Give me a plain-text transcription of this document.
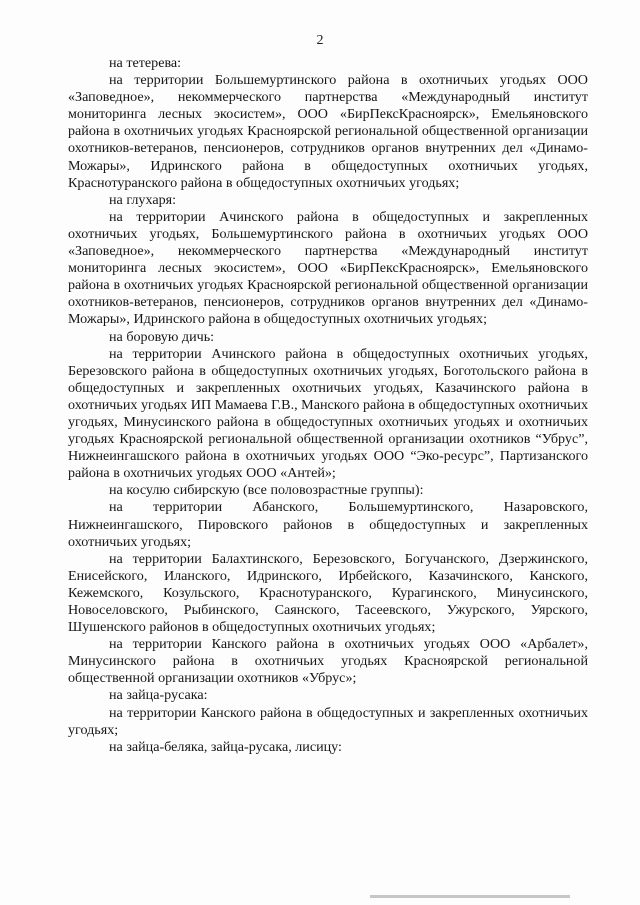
2

на тетерева:

на территории Большемуртинского района в охотничьих угодьях ООО «Заповедное», некоммерческого партнерства «Международный институт мониторинга лесных экосистем», ООО «БирПексКрасноярск», Емельяновского района в охотничьих угодьях Красноярской региональной общественной организации охотников-ветеранов, пенсионеров, сотрудников органов внутренних дел «Динамо-Можары», Идринского района в общедоступных охотничьих угодьях, Краснотуранского района в общедоступных охотничьих угодьях;

на глухаря:

на территории Ачинского района в общедоступных и закрепленных охотничьих угодьях, Большемуртинского района в охотничьих угодьях ООО «Заповедное», некоммерческого партнерства «Международный институт мониторинга лесных экосистем», ООО «БирПексКрасноярск», Емельяновского района в охотничьих угодьях Красноярской региональной общественной организации охотников-ветеранов, пенсионеров, сотрудников органов внутренних дел «Динамо-Можары», Идринского района в общедоступных охотничьих угодьях;

на боровую дичь:

на территории Ачинского района в общедоступных охотничьих угодьях, Березовского района в общедоступных охотничьих угодьях, Боготольского района в общедоступных и закрепленных охотничьих угодьях, Казачинского района в охотничьих угодьях ИП Мамаева Г.В., Манского района в общедоступных охотничьих угодьях, Минусинского района в общедоступных охотничьих угодьях и охотничьих угодьях Красноярской региональной общественной организации охотников “Убрус”, Нижнеингашского района в охотничьих угодьях ООО “Эко-ресурс”, Партизанского района в охотничьих угодьях ООО «Антей»;

на косулю сибирскую (все половозрастные группы):

на территории Абанского, Большемуртинского, Назаровского, Нижнеингашского, Пировского районов в общедоступных и закрепленных охотничьих угодьях;

на территории Балахтинского, Березовского, Богучанского, Дзержинского, Енисейского, Иланского, Идринского, Ирбейского, Казачинского, Канского, Кежемского, Козульского, Краснотуранского, Курагинского, Минусинского, Новоселовского, Рыбинского, Саянского, Тасеевского, Ужурского, Уярского, Шушенского районов в общедоступных охотничьих угодьях;

на территории Канского района в охотничьих угодьях ООО «Арбалет», Минусинского района в охотничьих угодьях Красноярской региональной общественной организации охотников «Убрус»;

на зайца-русака:

на территории Канского района в общедоступных и закрепленных охотничьих угодьях;

на зайца-беляка, зайца-русака, лисицу:
